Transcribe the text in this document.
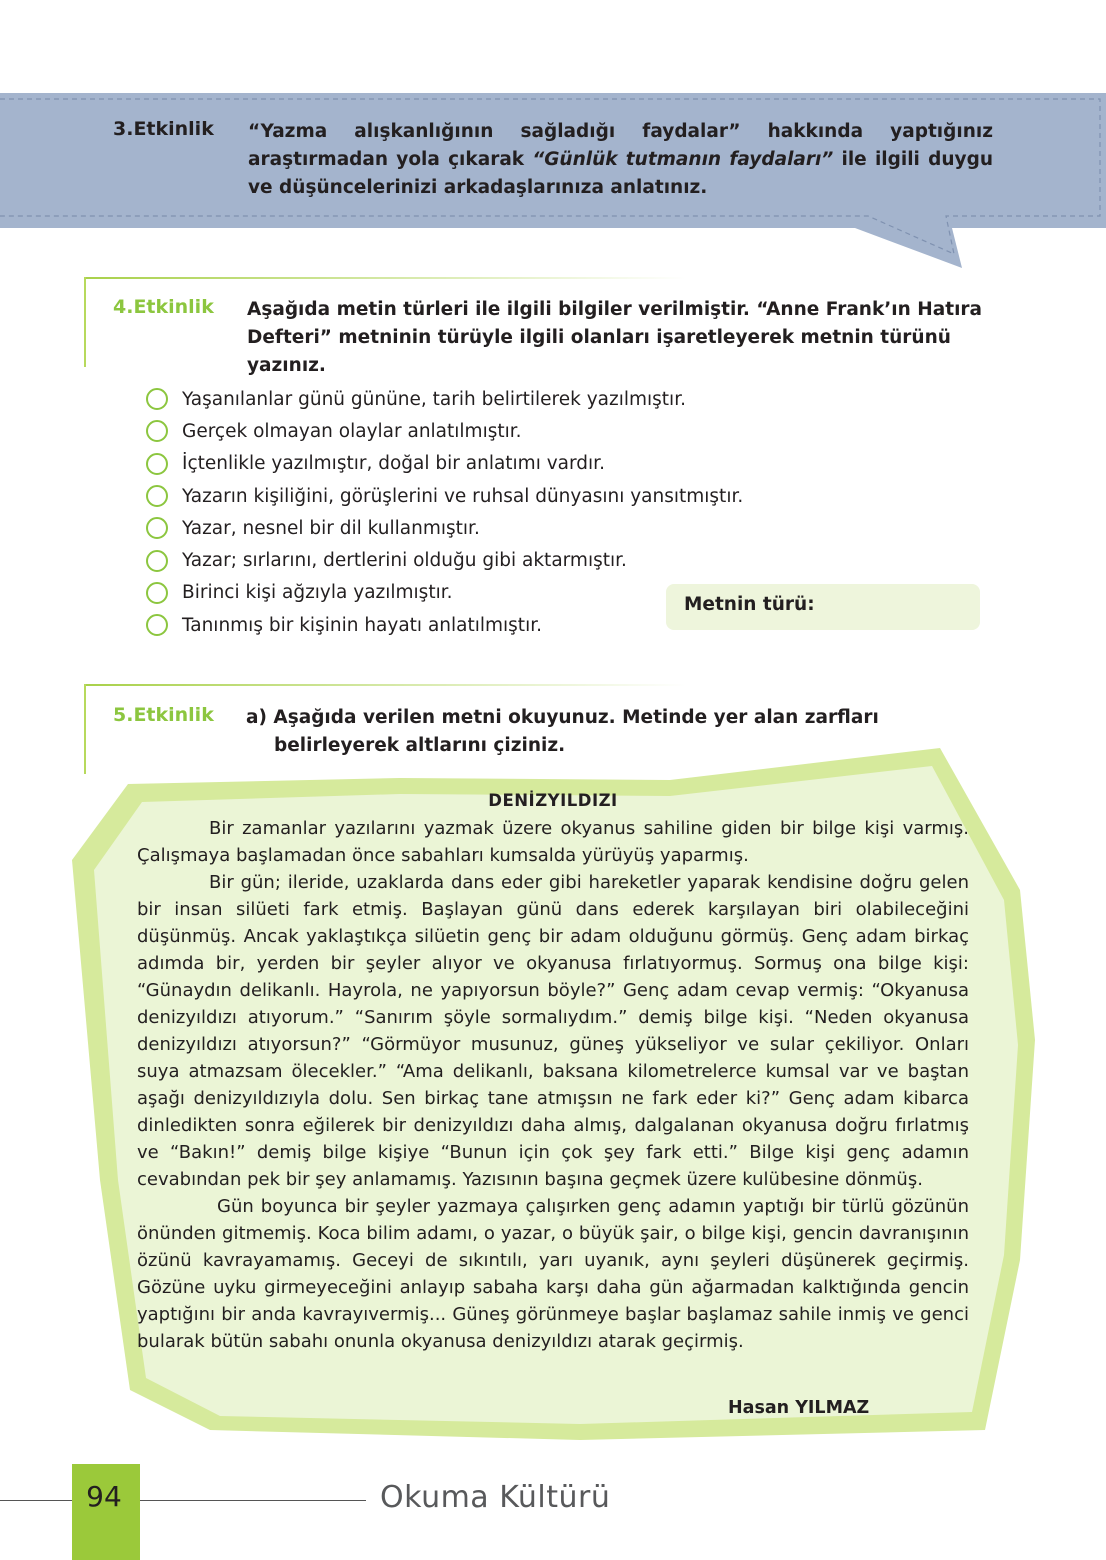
3.Etkinlik “Yazma alışkanlığının sağladığı faydalar” hakkında yaptığınız araştırmadan yola çıkarak “Günlük tutmanın faydaları” ile ilgili duygu ve düşüncelerinizi arkadaşlarınıza anlatınız.
4.Etkinlik Aşağıda metin türleri ile ilgili bilgiler verilmiştir. “Anne Frank’ın Hatıra Defteri” metninin türüyle ilgili olanları işaretleyerek metnin türünü yazınız.
Yaşanılanlar günü gününe, tarih belirtilerek yazılmıştır.
Gerçek olmayan olaylar anlatılmıştır.
İçtenlikle yazılmıştır, doğal bir anlatımı vardır.
Yazarın kişiliğini, görüşlerini ve ruhsal dünyasını yansıtmıştır.
Yazar, nesnel bir dil kullanmıştır.
Yazar; sırlarını, dertlerini olduğu gibi aktarmıştır.
Birinci kişi ağzıyla yazılmıştır.
Tanınmış bir kişinin hayatı anlatılmıştır.
Metnin türü:
5.Etkinlik a) Aşağıda verilen metni okuyunuz. Metinde yer alan zarfları belirleyerek altlarını çiziniz.
DENİZYILDIZI

Bir zamanlar yazılarını yazmak üzere okyanus sahiline giden bir bilge kişi varmış. Çalışmaya başlamadan önce sabahları kumsalda yürüyüş yaparmış.

Bir gün; ileride, uzaklarda dans eder gibi hareketler yaparak kendisine doğru gelen bir insan silüeti fark etmiş. Başlayan günü dans ederek karşılayan biri olabileceğini düşünmüş. Ancak yaklaştıkça silüetin genç bir adam olduğunu görmüş. Genç adam birkaç adımda bir, yerden bir şeyler alıyor ve okyanusa fırlatıyormuş. Sormuş ona bilge kişi: “Günaydın delikanlı. Hayrola, ne yapıyorsun böyle?” Genç adam cevap vermiş: “Okyanusa denizyıldızı atıyorum.” “Sanırım şöyle sormalıydım.” demiş bilge kişi. “Neden okyanusa denizyıldızı atıyorsun?” “Görmüyor musunuz, güneş yükseliyor ve sular çekiliyor. Onları suya atmazsam ölecekler.” “Ama delikanlı, baksana kilometrelerce kumsal var ve baştan aşağı denizyıldızıyla dolu. Sen birkaç tane atmışsın ne fark eder ki?” Genç adam kibarca dinledikten sonra eğilerek bir denizyıldızı daha almış, dalgalanan okyanusa doğru fırlatmış ve “Bakın!” demiş bilge kişiye “Bunun için çok şey fark etti.” Bilge kişi genç adamın cevabından pek bir şey anlamamış. Yazısının başına geçmek üzere kulübesine dönmüş.

Gün boyunca bir şeyler yazmaya çalışırken genç adamın yaptığı bir türlü gözünün önünden gitmemiş. Koca bilim adamı, o yazar, o büyük şair, o bilge kişi, gencin davranışının özünü kavrayamamış. Geceyi de sıkıntılı, yarı uyanık, aynı şeyleri düşünerek geçirmiş. Gözüne uyku girmeyeceğini anlayıp sabaha karşı daha gün ağarmadan kalktığında gencin yaptığını bir anda kavrayıvermiş... Güneş görünmeye başlar başlamaz sahile inmiş ve genci bularak bütün sabahı onunla okyanusa denizyıldızı atarak geçirmiş.

Hasan YILMAZ
94	Okuma Kültürü
